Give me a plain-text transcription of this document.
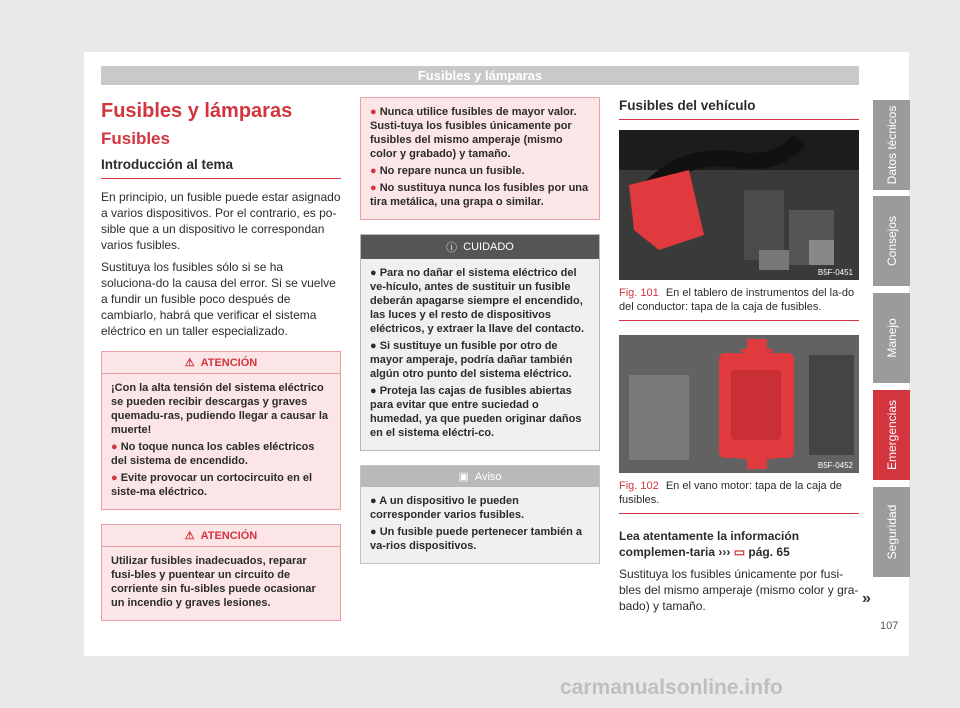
Fusibles y lámparas
Fusibles y lámparas
Fusibles
Introducción al tema

En principio, un fusible puede estar asignado a varios dispositivos. Por el contrario, es po-sible que a un dispositivo le correspondan varios fusibles.

Sustituya los fusibles sólo si se ha soluciona-do la causa del error. Si se vuelve a fundir un fusible poco después de cambiarlo, habrá que verificar el sistema eléctrico en un taller especializado.

⚠ ATENCIÓN

¡Con la alta tensión del sistema eléctrico se pueden recibir descargas y graves quemadu-ras, pudiendo llegar a causar la muerte!

● No toque nunca los cables eléctricos del sistema de encendido.

● Evite provocar un cortocircuito en el siste-ma eléctrico.

⚠ ATENCIÓN

Utilizar fusibles inadecuados, reparar fusi-bles y puentear un circuito de corriente sin fu-sibles puede ocasionar un incendio y graves lesiones.

● Nunca utilice fusibles de mayor valor. Susti-tuya los fusibles únicamente por fusibles del mismo amperaje (mismo color y grabado) y tamaño.

● No repare nunca un fusible.

● No sustituya nunca los fusibles por una tira metálica, una grapa o similar.

ⓘ CUIDADO

● Para no dañar el sistema eléctrico del ve-hículo, antes de sustituir un fusible deberán apagarse siempre el encendido, las luces y el resto de dispositivos eléctricos, y extraer la llave del contacto.

● Si sustituye un fusible por otro de mayor amperaje, podría dañar también algún otro punto del sistema eléctrico.

● Proteja las cajas de fusibles abiertas para evitar que entre suciedad o humedad, ya que pueden originar daños en el sistema eléctri-co.

▣ Aviso

● A un dispositivo le pueden corresponder varios fusibles.

● Un fusible puede pertenecer también a va-rios dispositivos.

Fusibles del vehículo
B5F-0451
Fig. 101 En el tablero de instrumentos del la-do del conductor: tapa de la caja de fusibles.
B5F-0452
Fig. 102 En el vano motor: tapa de la caja de fusibles.

Lea atentamente la información complemen-taria ››› ▭ pág. 65

Sustituya los fusibles únicamente por fusi-bles del mismo amperaje (mismo color y gra-bado) y tamaño.

Datos técnicos
Consejos
Manejo
Emergencias
Seguridad
»
107
carmanualsonline.info
